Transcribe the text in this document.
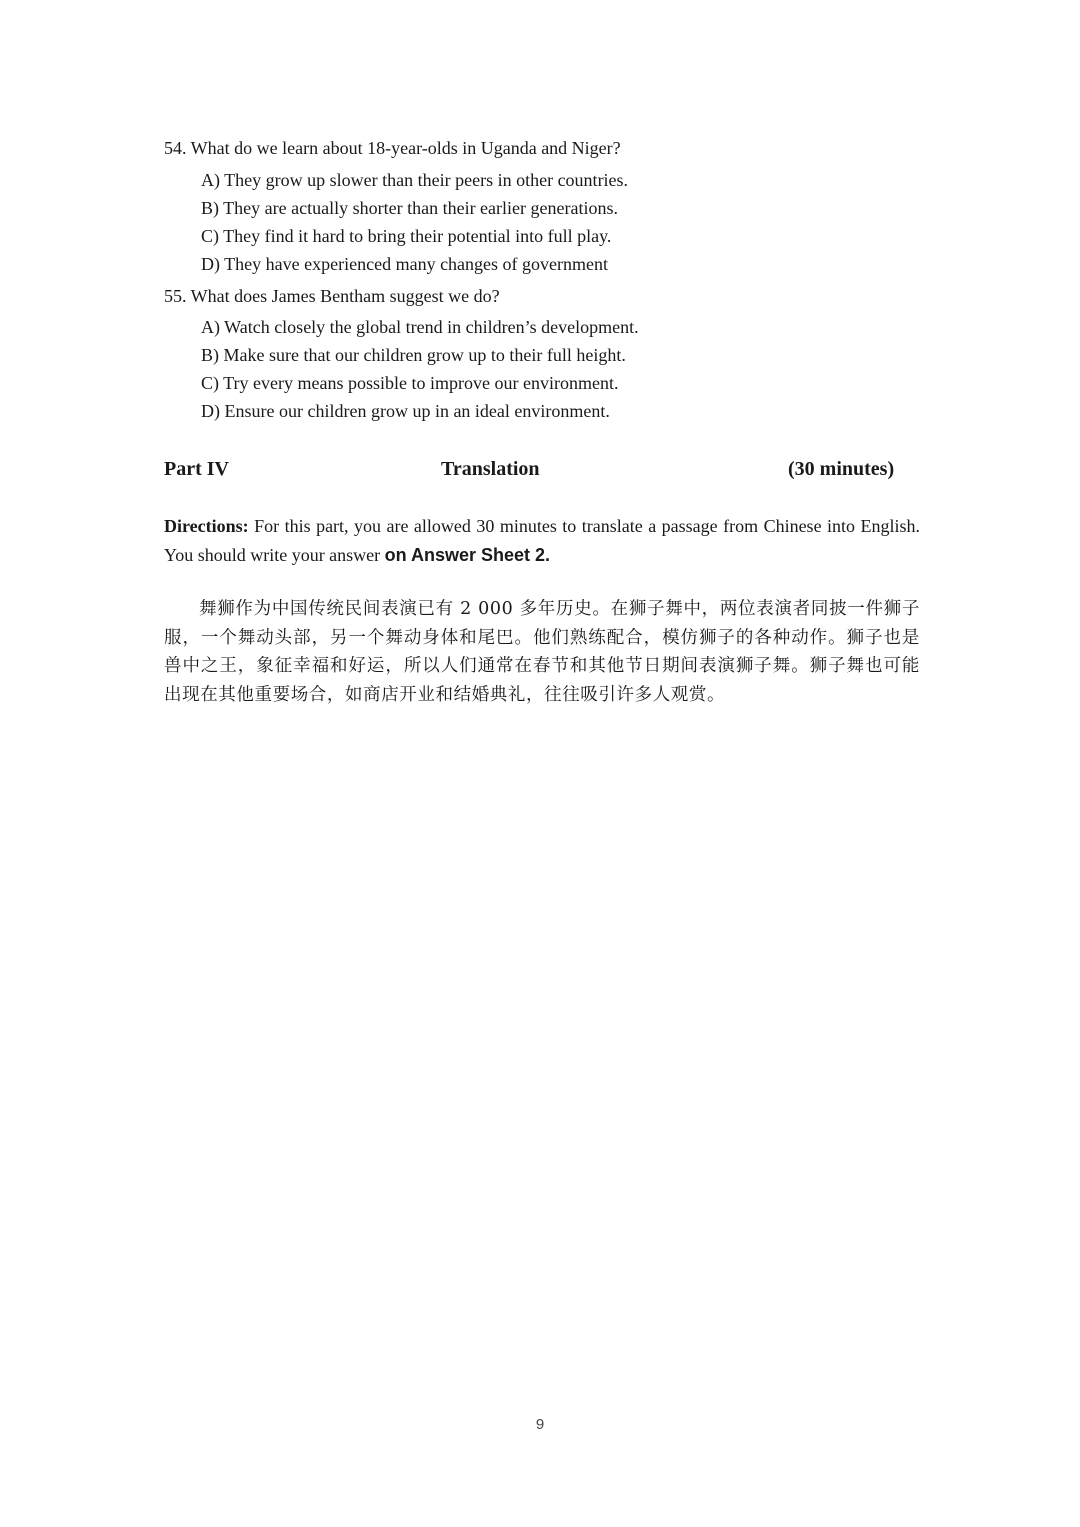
54. What do we learn about 18-year-olds in Uganda and Niger?
A) They grow up slower than their peers in other countries.
B) They are actually shorter than their earlier generations.
C) They find it hard to bring their potential into full play.
D) They have experienced many changes of government
55. What does James Bentham suggest we do?
A) Watch closely the global trend in children’s development.
B) Make sure that our children grow up to their full height.
C) Try every means possible to improve our environment.
D) Ensure our children grow up in an ideal environment.
Part IV	Translation	(30 minutes)
Directions: For this part, you are allowed 30 minutes to translate a passage from Chinese into English. You should write your answer on Answer Sheet 2.
舞狮作为中国传统民间表演已有 2 000 多年历史。在狮子舞中，两位表演者同披一件狮子服，一个舞动头部，另一个舞动身体和尾巴。他们熟练配合，模仿狮子的各种动作。狮子也是兽中之王，象征幸福和好运，所以人们通常在春节和其他节日期间表演狮子舞。狮子舞也可能出现在其他重要场合，如商店开业和结婚典礼，往往吸引许多人观赏。
9
